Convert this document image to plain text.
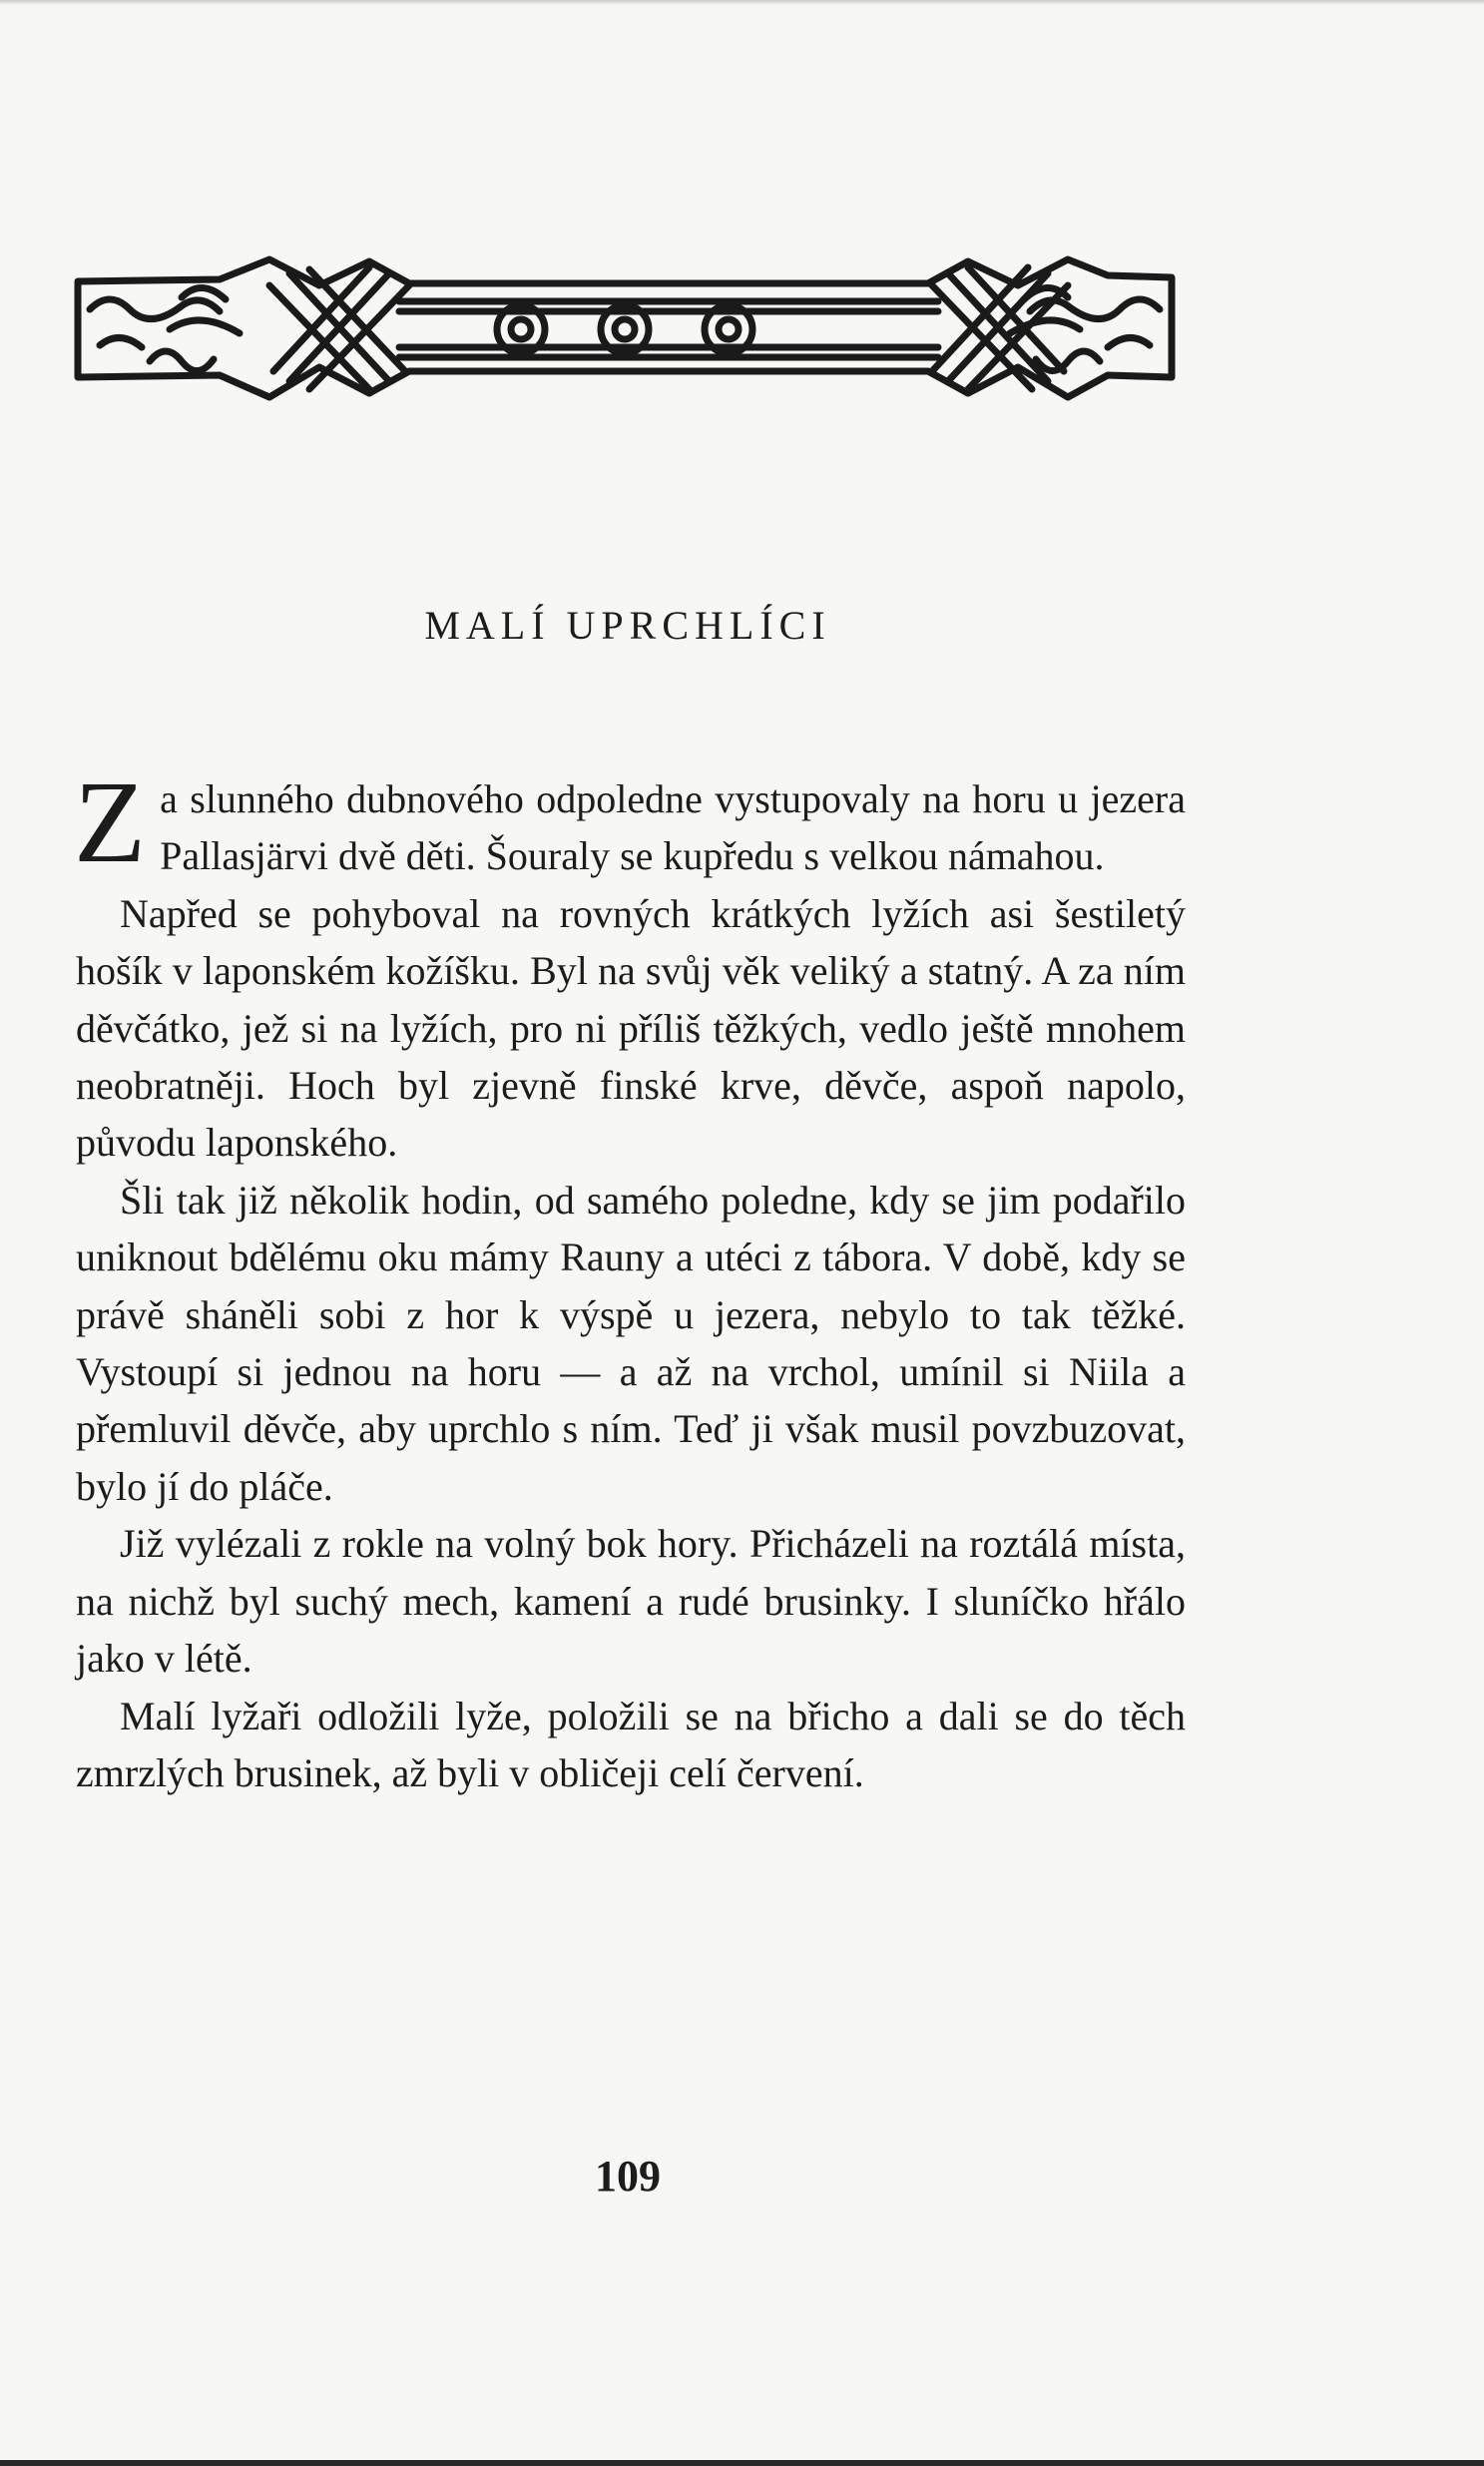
MALÍ UPRCHLÍCI

Za slunného dubnového odpoledne vystupovaly na horu u jezera Pallasjärvi dvě děti. Šouraly se kupředu s velkou námahou.

Napřed se pohyboval na rovných krátkých lyžích asi šestiletý hošík v laponském kožíšku. Byl na svůj věk veliký a statný. A za ním děvčátko, jež si na lyžích, pro ni příliš těžkých, vedlo ještě mnohem neobratněji. Hoch byl zjevně finské krve, děvče, aspoň napolo, původu laponského.

Šli tak již několik hodin, od samého poledne, kdy se jim podařilo uniknout bdělému oku mámy Rauny a utéci z tábora. V době, kdy se právě sháněli sobi z hor k výspě u jezera, nebylo to tak těžké. Vystoupí si jednou na horu — a až na vrchol, umínil si Niila a přemluvil děvče, aby uprchlo s ním. Teď ji však musil povzbuzovat, bylo jí do pláče.

Již vylézali z rokle na volný bok hory. Přicházeli na roztálá místa, na nichž byl suchý mech, kamení a rudé brusinky. I sluníčko hřálo jako v létě.

Malí lyžaři odložili lyže, položili se na břicho a dali se do těch zmrzlých brusinek, až byli v obličeji celí červení.

109
